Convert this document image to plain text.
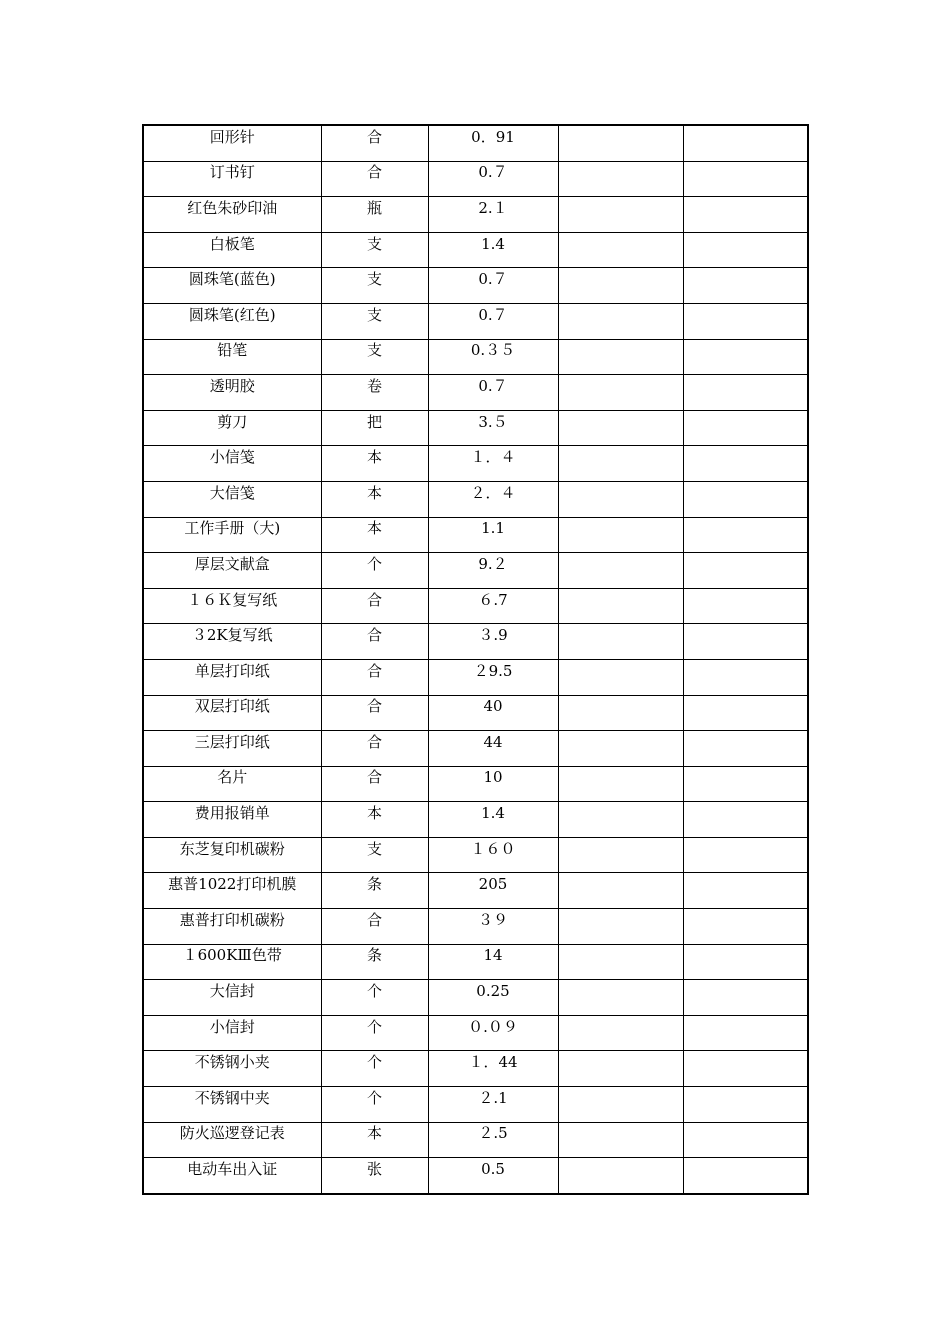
回形针	合	0．91		

订书钉	合	0.７		

红色朱砂印油	瓶	2.１		

白板笔	支	1.4		

圆珠笔(蓝色)	支	0.７		

圆珠笔(红色)	支	0.７		

铅笔	支	0.３５		

透明胶	卷	0.７		

剪刀	把	3.５		

小信笺	本	１．４		

大信笺	本	２．４		

工作手册（大)	本	1.1		

厚层文献盒	个	9.２		

１６Ｋ复写纸	合	６.7		

３2K复写纸	合	３.9		

单层打印纸	合	２9.5		

双层打印纸	合	40		

三层打印纸	合	44		

名片	合	10		

费用报销单	本	1.4		

东芝复印机碳粉	支	１６０		

惠普1022打印机膜	条	205		

惠普打印机碳粉	合	３９		

１600KⅢ色带	条	14		

大信封	个	0.25		

小信封	个	０.０９		

不锈钢小夹	个	１．44		

不锈钢中夹	个	２.1		

防火巡逻登记表	本	２.5		

电动车出入证	张	0.5		
